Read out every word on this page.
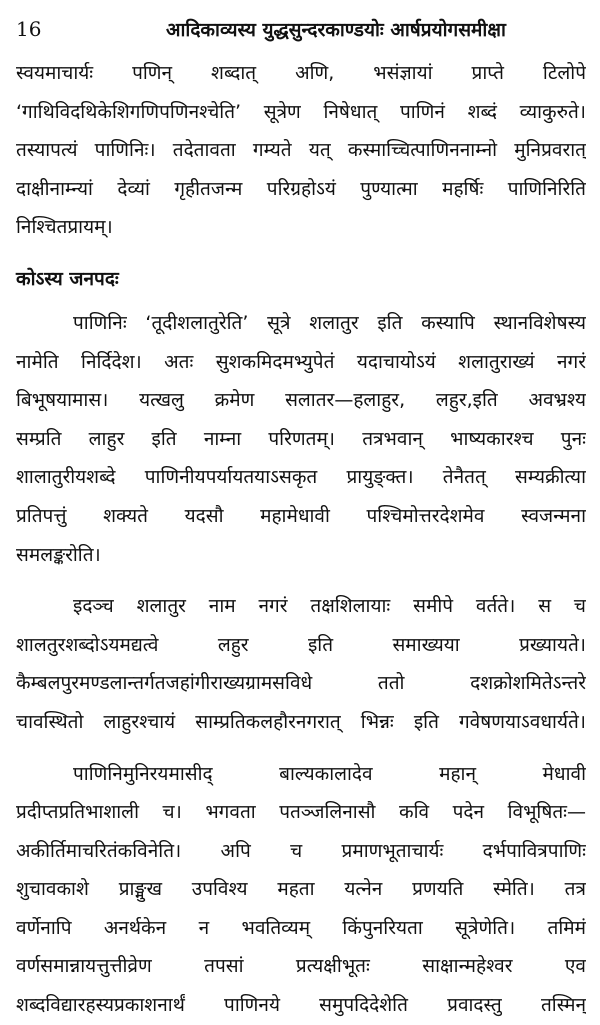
16	आदिकाव्यस्य युद्धसुन्दरकाण्डयोः आर्षप्रयोगसमीक्षा
स्वयमाचार्यः पणिन् शब्दात् अणि, भसंज्ञायां प्राप्ते टिलोपे
‘गाथिविदथिकेशिगणिपणिनश्चेति’ सूत्रेण निषेधात् पाणिनं शब्दं व्याकुरुते।
तस्यापत्यं पाणिनिः। तदेतावता गम्यते यत् कस्माच्चित्पाणिननाम्नो मुनिप्रवरात्
दाक्षीनाम्न्यां देव्यां गृहीतजन्म परिग्रहोऽयं पुण्यात्मा महर्षिः पाणिनिरिति
निश्चितप्रायम्।
कोऽस्य जनपदः
पाणिनिः ‘तूदीशलातुरेति’ सूत्रे शलातुर इति कस्यापि स्थानविशेषस्य
नामेति निर्दिदेश। अतः सुशकमिदमभ्युपेतं यदाचायोऽयं शलातुराख्यं नगरं
बिभूषयामास। यत्खलु क्रमेण सलातर—हलाहुर, लहुर,इति अवभ्रश्य
सम्प्रति लाहुर इति नाम्ना परिणतम्। तत्रभवान् भाष्यकारश्च पुनः
शालातुरीयशब्दे पाणिनीयपर्यायतयाऽसकृत प्रायुङ्क्त। तेनैतत् सम्यक्रीत्या
प्रतिपत्तुं शक्यते यदसौ महामेधावी पश्चिमोत्तरदेशमेव स्वजन्मना
समलङ्करोति।
इदञ्च शलातुर नाम नगरं तक्षशिलायाः समीपे वर्तते। स च
शालतुरशब्दोऽयमद्यत्वे लहुर इति समाख्यया प्रख्यायते।
कैम्बलपुरमण्डलान्तर्गतजहांगीराख्यग्रामसविधे ततो दशक्रोशमितेऽन्तरे
चावस्थितो लाहुरश्चायं साम्प्रतिकलहौरनगरात् भिन्नः इति गवेषणयाऽवधार्यते।
पाणिनिमुनिरयमासीद् बाल्यकालादेव महान् मेधावी
प्रदीप्तप्रतिभाशाली च। भगवता पतञ्जलिनासौ कवि पदेन विभूषितः—
अकीर्तिमाचरितंकविनेति। अपि च प्रमाणभूताचार्यः दर्भपावित्रपाणिः
शुचावकाशे प्राङ्मुख उपविश्य महता यत्नेन प्रणयति स्मेति। तत्र
वर्णेनापि अनर्थकेन न भवतिव्यम् किंपुनरियता सूत्रेणेति। तमिमं
वर्णसमान्नायत्तुत्तीव्रेण तपसां प्रत्यक्षीभूतः साक्षान्महेश्वर एव
शब्दविद्यारहस्यप्रकाशनार्थं पाणिनये समुपदिदेशेति प्रवादस्तु तस्मिन्
